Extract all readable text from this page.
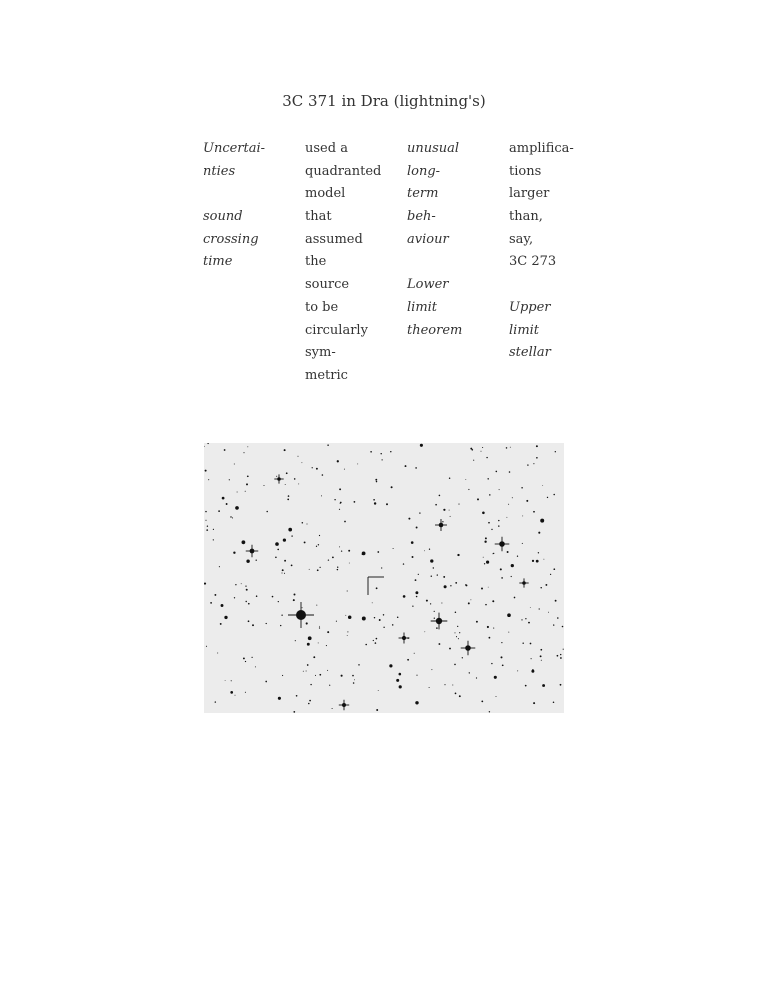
3C 371 in Dra (lightning's)
Uncertai-
nties
sound
crossing
time
used a
quadranted
model
that
assumed
the
source
to be
circularly
sym-
metric
unusual
long-
term
beh-
aviour
Lower
limit
theorem
amplifica-
tions
larger
than,
say,
3C 273
Upper
limit
stellar
